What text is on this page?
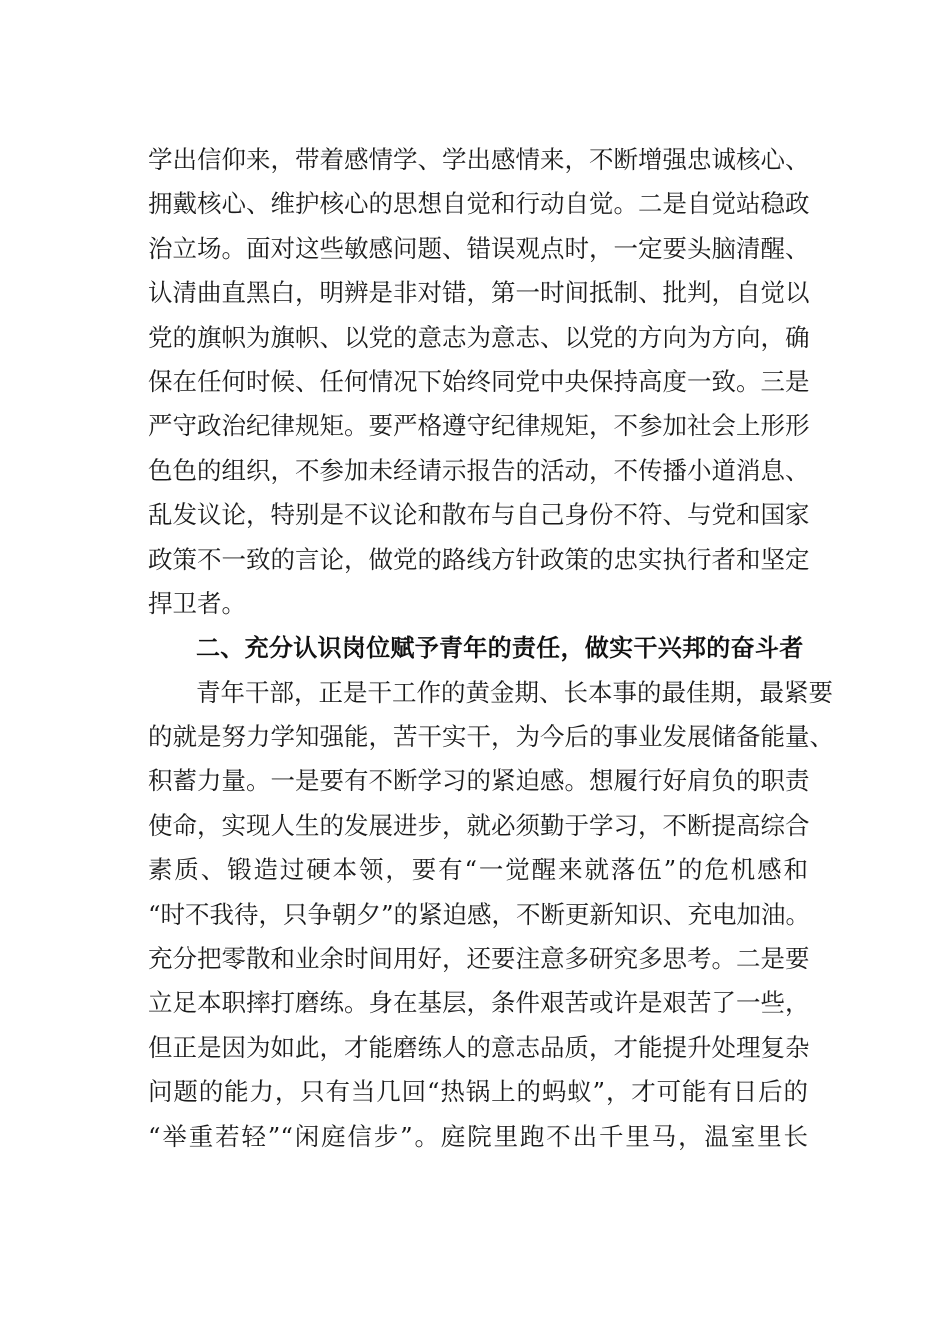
学出信仰来，带着感情学、学出感情来，不断增强忠诚核心、
拥戴核心、维护核心的思想自觉和行动自觉。二是自觉站稳政
治立场。面对这些敏感问题、错误观点时，一定要头脑清醒、
认清曲直黑白，明辨是非对错，第一时间抵制、批判，自觉以
党的旗帜为旗帜、以党的意志为意志、以党的方向为方向，确
保在任何时候、任何情况下始终同党中央保持高度一致。三是
严守政治纪律规矩。要严格遵守纪律规矩，不参加社会上形形
色色的组织，不参加未经请示报告的活动，不传播小道消息、
乱发议论，特别是不议论和散布与自己身份不符、与党和国家
政策不一致的言论，做党的路线方针政策的忠实执行者和坚定
捍卫者。
二、充分认识岗位赋予青年的责任，做实干兴邦的奋斗者
青年干部，正是干工作的黄金期、长本事的最佳期，最紧要
的就是努力学知强能，苦干实干，为今后的事业发展储备能量、
积蓄力量。一是要有不断学习的紧迫感。想履行好肩负的职责
使命，实现人生的发展进步，就必须勤于学习，不断提高综合
素质、锻造过硬本领，要有“一觉醒来就落伍”的危机感和
“时不我待，只争朝夕”的紧迫感，不断更新知识、充电加油。
充分把零散和业余时间用好，还要注意多研究多思考。二是要
立足本职摔打磨练。身在基层，条件艰苦或许是艰苦了一些，
但正是因为如此，才能磨练人的意志品质，才能提升处理复杂
问题的能力，只有当几回“热锅上的蚂蚁”，才可能有日后的
“举重若轻”“闲庭信步”。庭院里跑不出千里马，温室里长
